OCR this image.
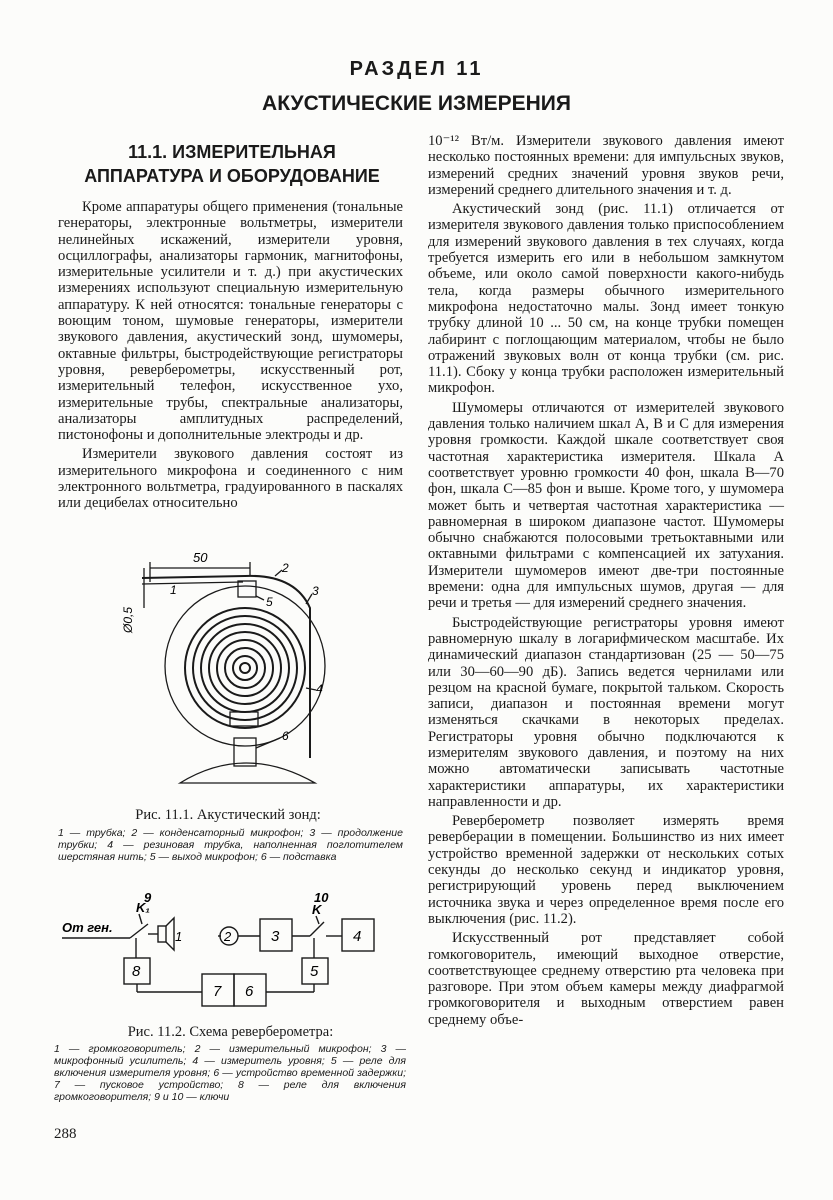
РАЗДЕЛ 11
АКУСТИЧЕСКИЕ ИЗМЕРЕНИЯ
11.1. ИЗМЕРИТЕЛЬНАЯ
АППАРАТУРА И ОБОРУДОВАНИЕ

Кроме аппаратуры общего применения (тональные генераторы, электронные вольтметры, измерители нелинейных искажений, измерители уровня, осциллографы, анализаторы гармоник, магнитофоны, измерительные усилители и т. д.) при акустических измерениях используют специальную измерительную аппаратуру. К ней относятся: тональные генераторы с воющим тоном, шумовые генераторы, измерители звукового давления, акустический зонд, шумомеры, октавные фильтры, быстродействующие регистраторы уровня, реверберометры, искусственный рот, измерительный телефон, искусственное ухо, измерительные трубы, спектральные анализаторы, анализаторы амплитудных распределений, пистонофоны и дополнительные электроды и др.

Измерители звукового давления состоят из измерительного микрофона и соединенного с ним электронного вольтметра, градуированного в паскалях или децибелах относительно

50
Ø0,5
1
2
3
4
5
6
Рис. 11.1. Акустический зонд:
1 — трубка; 2 — конденсаторный микрофон; 3 — продолжение трубки; 4 — резиновая трубка, наполненная поглотителем шерстяная нить; 5 — выход микрофон; 6 — подставка
От ген.
K₁
9
K
10
1	2	3	4
5
6
7
8
Рис. 11.2. Схема реверберометра:
1 — громкоговоритель; 2 — измерительный микрофон; 3 — микрофонный усилитель; 4 — измеритель уровня; 5 — реле для включения измерителя уровня; 6 — устройство временной задержки; 7 — пусковое устройство; 8 — реле для включения громкоговорителя; 9 и 10 — ключи

10⁻¹² Вт/м. Измерители звукового давления имеют несколько постоянных времени: для импульсных звуков, измерений средних значений уровня звуков речи, измерений среднего длительного значения и т. д.

Акустический зонд (рис. 11.1) отличается от измерителя звукового давления только приспособлением для измерений звукового давления в тех случаях, когда требуется измерить его или в небольшом замкнутом объеме, или около самой поверхности какого-нибудь тела, когда размеры обычного измерительного микрофона недостаточно малы. Зонд имеет тонкую трубку длиной 10 ... 50 см, на конце трубки помещен лабиринт с поглощающим материалом, чтобы не было отражений звуковых волн от конца трубки (см. рис. 11.1). Сбоку у конца трубки расположен измерительный микрофон.

Шумомеры отличаются от измерителей звукового давления только наличием шкал A, B и C для измерения уровня громкости. Каждой шкале соответствует своя частотная характеристика измерителя. Шкала A соответствует уровню громкости 40 фон, шкала B—70 фон, шкала C—85 фон и выше. Кроме того, у шумомера может быть и четвертая частотная характеристика — равномерная в широком диапазоне частот. Шумомеры обычно снабжаются полосовыми третьоктавными или октавными фильтрами с компенсацией их затухания. Измерители шумомеров имеют две-три постоянные времени: одна для импульсных шумов, другая — для речи и третья — для измерений среднего значения.

Быстродействующие регистраторы уровня имеют равномерную шкалу в логарифмическом масштабе. Их динамический диапазон стандартизован (25 — 50—75 или 30—60—90 дБ). Запись ведется чернилами или резцом на красной бумаге, покрытой тальком. Скорость записи, диапазон и постоянная времени могут изменяться скачками в некоторых пределах. Регистраторы уровня обычно подключаются к измерителям звукового давления, и поэтому на них можно автоматически записывать частотные характеристики аппаратуры, их характеристики направленности и др.

Реверберометр позволяет измерять время реверберации в помещении. Большинство из них имеет устройство временной задержки от нескольких сотых секунды до несколько секунд и индикатор уровня, регистрирующий уровень перед выключением источника звука и через определенное время после его выключения (рис. 11.2).

Искусственный рот представляет собой гомкоговоритель, имеющий выходное отверстие, соответствующее среднему отверстию рта человека при разговоре. При этом объем камеры между диафрагмой громкоговорителя и выходным отверстием равен среднему объе-

288
